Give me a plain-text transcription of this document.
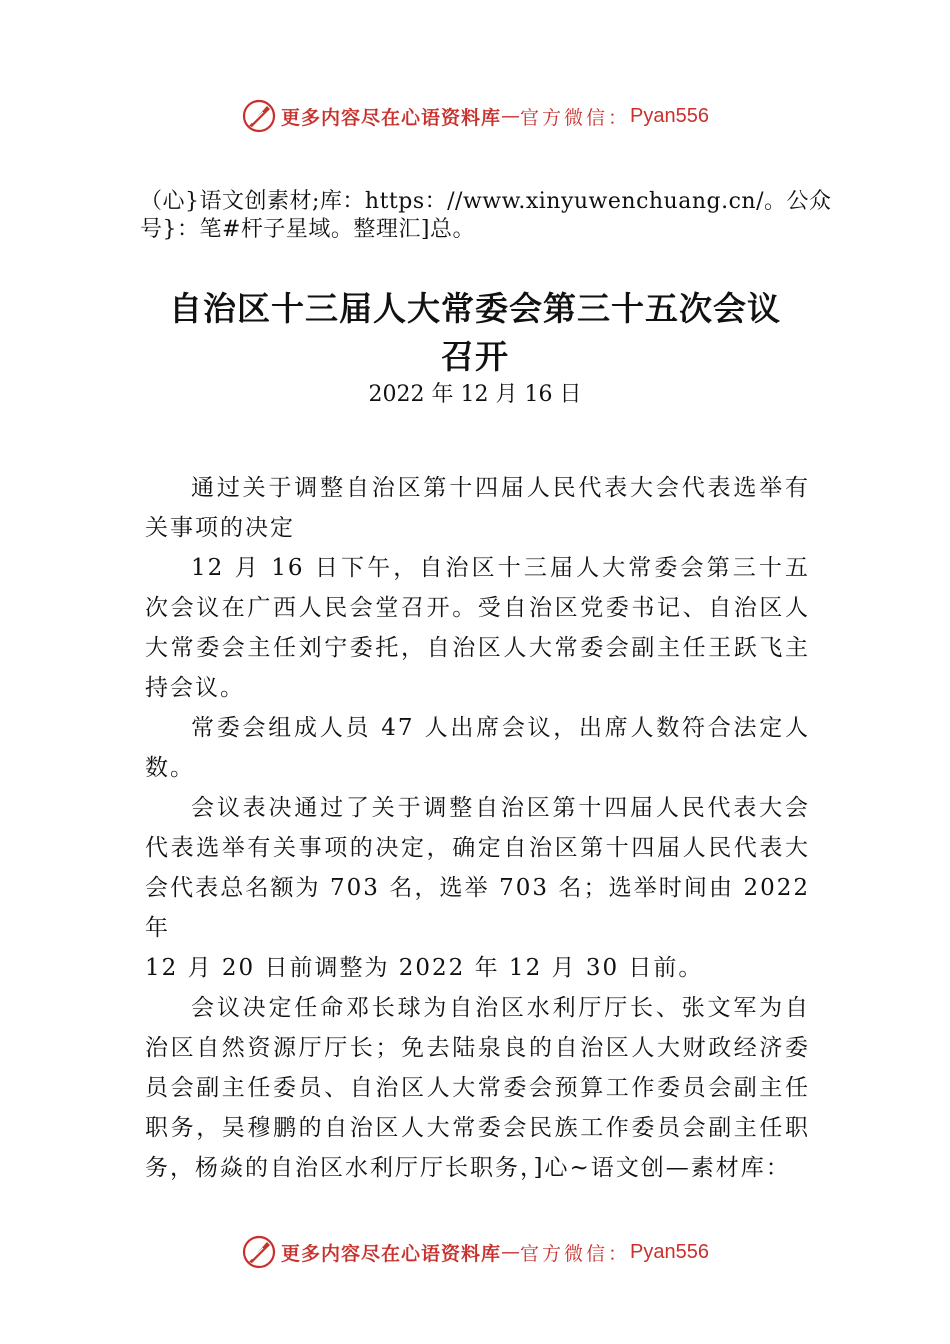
更多内容尽在心语资料库 — 官方微信： Pyan556
（心}语文创素材;库：https：//www.xinyuwenchuang.cn/。公众号}：笔#杆子星域。整理汇]总。
自治区十三届人大常委会第三十五次会议
召开
2022 年 12 月 16 日

通过关于调整自治区第十四届人民代表大会代表选举有关事项的决定

12 月 16 日下午，自治区十三届人大常委会第三十五次会议在广西人民会堂召开。受自治区党委书记、自治区人大常委会主任刘宁委托，自治区人大常委会副主任王跃飞主持会议。

常委会组成人员 47 人出席会议，出席人数符合法定人数。

会议表决通过了关于调整自治区第十四届人民代表大会代表选举有关事项的决定，确定自治区第十四届人民代表大会代表总名额为 703 名，选举 703 名；选举时间由 2022 年

12 月 20 日前调整为 2022 年 12 月 30 日前。

会议决定任命邓长球为自治区水利厅厅长、张文军为自治区自然资源厅厅长；免去陆泉良的自治区人大财政经济委员会副主任委员、自治区人大常委会预算工作委员会副主任职务，吴穆鹏的自治区人大常委会民族工作委员会副主任职务，杨焱的自治区水利厅厅长职务，]心~语文创—素材库：

更多内容尽在心语资料库 — 官方微信： Pyan556
